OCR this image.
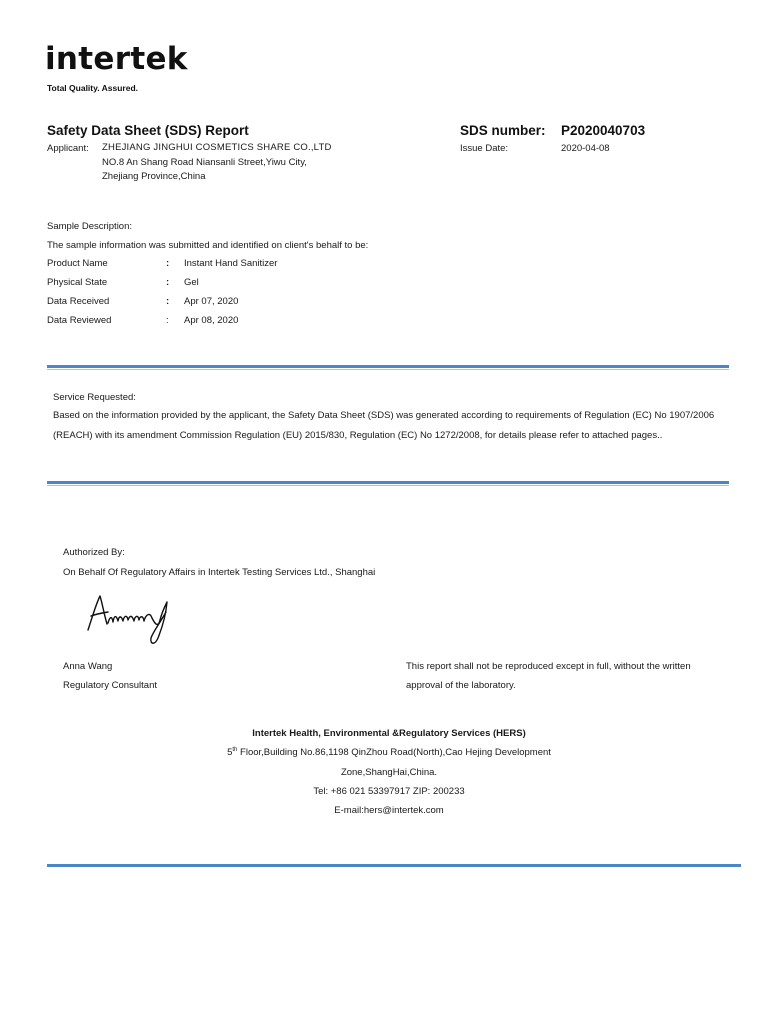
intertek
Total Quality. Assured.
Safety Data Sheet (SDS) Report	SDS number: P2020040703
Applicant: ZHEJIANG JINGHUI COSMETICS SHARE CO.,LTD
NO.8 An Shang Road Niansanli Street,Yiwu City,
Zhejiang Province,China
Issue Date:	2020-04-08
Sample Description:
The sample information was submitted and identified on client's behalf to be:
Product Name	: Instant Hand Sanitizer
Physical State	: Gel
Data Received	: Apr 07, 2020
Data Reviewed	: Apr 08, 2020
Service Requested:
Based on the information provided by the applicant, the Safety Data Sheet (SDS) was generated according to requirements of Regulation (EC) No 1907/2006 (REACH) with its amendment Commission Regulation (EU) 2015/830, Regulation (EC) No 1272/2008, for details please refer to attached pages..
Authorized By:
On Behalf Of Regulatory Affairs in Intertek Testing Services Ltd., Shanghai
Anna Wang
Regulatory Consultant
This report shall not be reproduced except in full, without the written
approval of the laboratory.
Intertek Health, Environmental &Regulatory Services (HERS)
5th Floor,Building No.86,1198 QinZhou Road(North),Cao Hejing Development
Zone,ShangHai,China.
Tel: +86 021 53397917 ZIP: 200233
E-mail:hers@intertek.com
